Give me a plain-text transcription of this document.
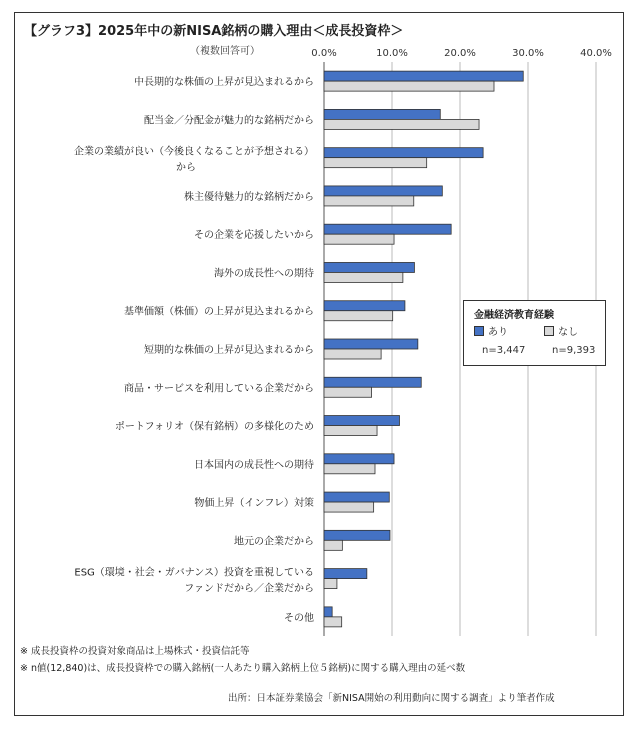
【グラフ3】2025年中の新NISA銘柄の購入理由＜成長投資枠＞
（複数回答可）	0.0%	10.0%	20.0%	30.0%	40.0%
中長期的な株価の上昇が見込まれるから
配当金／分配金が魅力的な銘柄だから
企業の業績が良い（今後良くなることが予想される）
から
株主優待魅力的な銘柄だから
その企業を応援したいから
海外の成長性への期待
基準価額（株価）の上昇が見込まれるから
短期的な株価の上昇が見込まれるから
商品・サービスを利用している企業だから
ポートフォリオ（保有銘柄）の多様化のため
日本国内の成長性への期待
物価上昇（インフレ）対策
地元の企業だから
ESG（環境・社会・ガバナンス）投資を重視している
ファンドだから／企業だから
その他
金融経済教育経験
あり	なし
n=3,447	n=9,393
※ 成長投資枠の投資対象商品は上場株式・投資信託等
※ n値(12,840)は、成長投資枠での購入銘柄(一人あたり購入銘柄上位５銘柄)に関する購入理由の延べ数
出所：日本証券業協会「新NISA開始の利用動向に関する調査」より筆者作成
